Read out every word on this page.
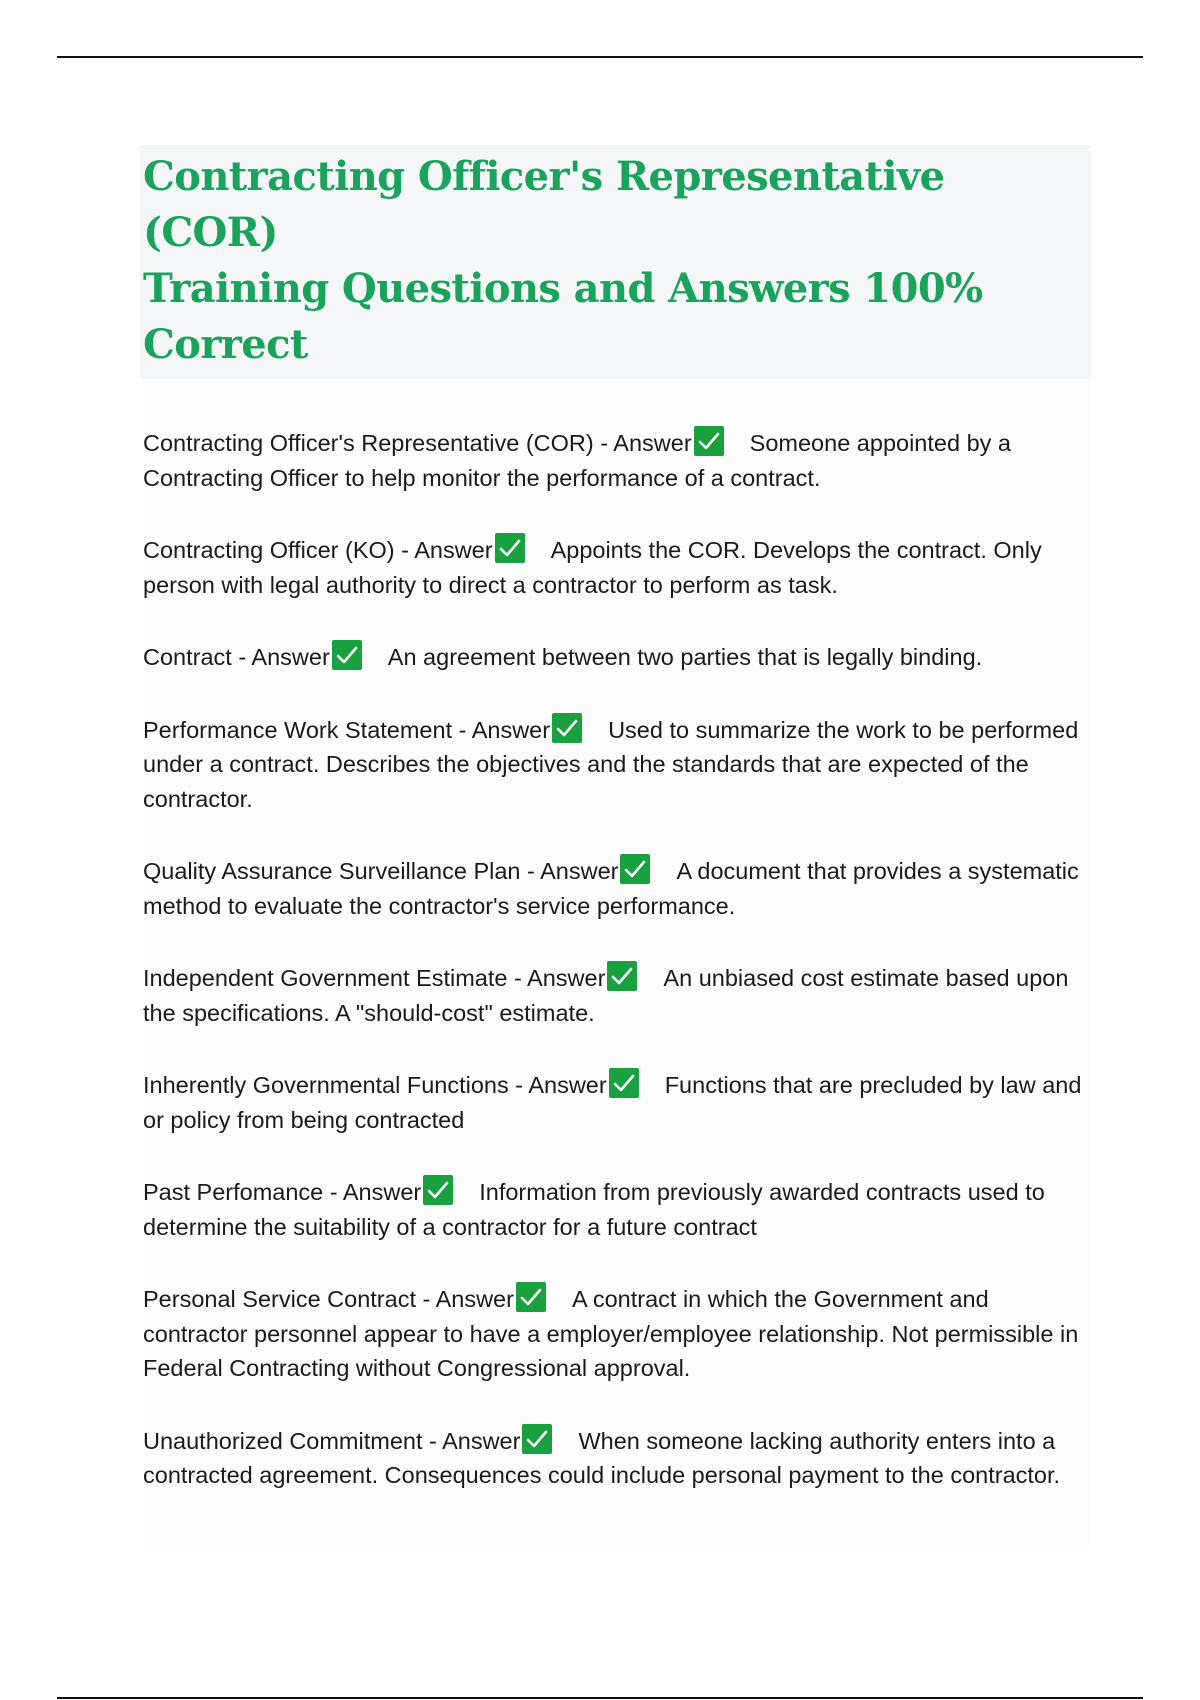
Contracting Officer's Representative (COR)
Training Questions and Answers 100% Correct

Contracting Officer's Representative (COR) - Answer Someone appointed by a Contracting Officer to help monitor the performance of a contract.

Contracting Officer (KO) - Answer Appoints the COR. Develops the contract. Only person with legal authority to direct a contractor to perform as task.

Contract - Answer An agreement between two parties that is legally binding.

Performance Work Statement - Answer Used to summarize the work to be performed under a contract. Describes the objectives and the standards that are expected of the contractor.

Quality Assurance Surveillance Plan - Answer A document that provides a systematic method to evaluate the contractor's service performance.

Independent Government Estimate - Answer An unbiased cost estimate based upon the specifications. A "should-cost" estimate.

Inherently Governmental Functions - Answer Functions that are precluded by law and or policy from being contracted

Past Perfomance - Answer Information from previously awarded contracts used to determine the suitability of a contractor for a future contract

Personal Service Contract - Answer A contract in which the Government and contractor personnel appear to have a employer/employee relationship. Not permissible in Federal Contracting without Congressional approval.

Unauthorized Commitment - Answer When someone lacking authority enters into a contracted agreement. Consequences could include personal payment to the contractor.
